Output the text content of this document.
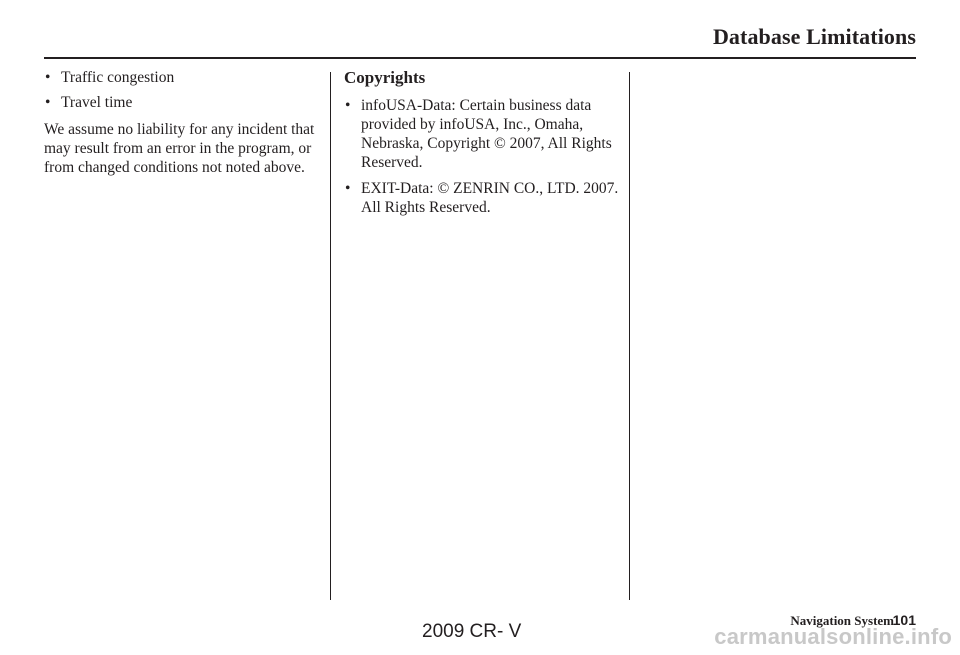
Database Limitations
• Traffic congestion
• Travel time

We assume no liability for any incident that may result from an error in the program, or from changed conditions not noted above.

Copyrights
• infoUSA-Data: Certain business data provided by infoUSA, Inc., Omaha, Nebraska, Copyright © 2007, All Rights Reserved.
• EXIT-Data: © ZENRIN CO., LTD. 2007. All Rights Reserved.
Navigation System
101
2009 CR- V	carmanualsonline.info
